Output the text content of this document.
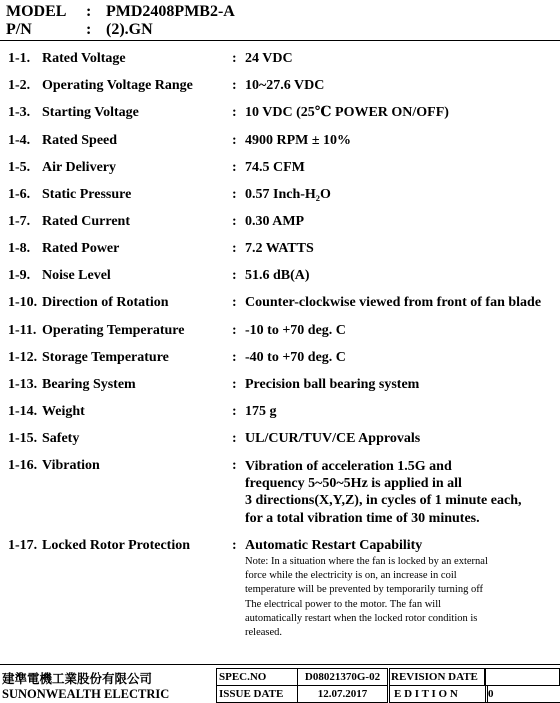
MODEL : PMD2408PMB2-A
P/N	: (2).GN
1-1. Rated Voltage	: 24 VDC
1-2. Operating Voltage Range	: 10~27.6 VDC
1-3. Starting Voltage	: 10 VDC (25℃ POWER ON/OFF)
1-4. Rated Speed	: 4900 RPM ± 10%
1-5. Air Delivery	: 74.5 CFM
1-6. Static Pressure	: 0.57 Inch-H₂O
1-7. Rated Current	: 0.30 AMP
1-8. Rated Power	: 7.2 WATTS
1-9. Noise Level	: 51.6 dB(A)
1-10. Direction of Rotation	: Counter-clockwise viewed from front of fan blade
1-11. Operating Temperature	: -10 to +70 deg. C
1-12. Storage Temperature	: -40 to +70 deg. C
1-13. Bearing System	: Precision ball bearing system
1-14. Weight	: 175 g
1-15. Safety	: UL/CUR/TUV/CE Approvals
1-16. Vibration	: Vibration of acceleration 1.5G and
frequency 5~50~5Hz is applied in all
3 directions(X,Y,Z), in cycles of 1 minute each,
for a total vibration time of 30 minutes.
1-17. Locked Rotor Protection	: Automatic Restart Capability
Note: In a situation where the fan is locked by an external
force while the electricity is on, an increase in coil
temperature will be prevented by temporarily turning off
The electrical power to the motor. The fan will
automatically restart when the locked rotor condition is
released.
建準電機工業股份有限公司
SUNONWEALTH ELECTRIC
SPEC.NO	D08021370G-02 REVISION DATE
ISSUE DATE	12.07.2017	E D I T I O N	0
